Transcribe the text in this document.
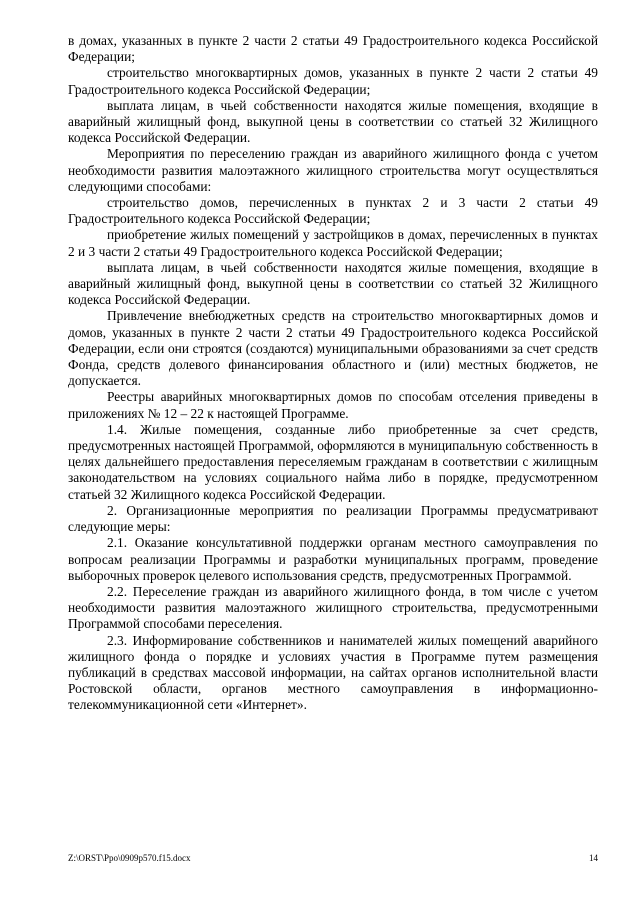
в домах, указанных в пункте 2 части 2 статьи 49 Градостроительного кодекса Российской Федерации;

строительство многоквартирных домов, указанных в пункте 2 части 2 статьи 49 Градостроительного кодекса Российской Федерации;

выплата лицам, в чьей собственности находятся жилые помещения, входящие в аварийный жилищный фонд, выкупной цены в соответствии со статьей 32 Жилищного кодекса Российской Федерации.

Мероприятия по переселению граждан из аварийного жилищного фонда с учетом необходимости развития малоэтажного жилищного строительства могут осуществляться следующими способами:

строительство домов, перечисленных в пунктах 2 и 3 части 2 статьи 49 Градостроительного кодекса Российской Федерации;

приобретение жилых помещений у застройщиков в домах, перечисленных в пунктах 2 и 3 части 2 статьи 49 Градостроительного кодекса Российской Федерации;

выплата лицам, в чьей собственности находятся жилые помещения, входящие в аварийный жилищный фонд, выкупной цены в соответствии со статьей 32 Жилищного кодекса Российской Федерации.

Привлечение внебюджетных средств на строительство многоквартирных домов и домов, указанных в пункте 2 части 2 статьи 49 Градостроительного кодекса Российской Федерации, если они строятся (создаются) муниципальными образованиями за счет средств Фонда, средств долевого финансирования областного и (или) местных бюджетов, не допускается.

Реестры аварийных многоквартирных домов по способам отселения приведены в приложениях № 12 – 22 к настоящей Программе.

1.4. Жилые помещения, созданные либо приобретенные за счет средств, предусмотренных настоящей Программой, оформляются в муниципальную собственность в целях дальнейшего предоставления переселяемым гражданам в соответствии с жилищным законодательством на условиях социального найма либо в порядке, предусмотренном статьей 32 Жилищного кодекса Российской Федерации.

2. Организационные мероприятия по реализации Программы предусматривают следующие меры:

2.1. Оказание консультативной поддержки органам местного самоуправления по вопросам реализации Программы и разработки муниципальных программ, проведение выборочных проверок целевого использования средств, предусмотренных Программой.

2.2. Переселение граждан из аварийного жилищного фонда, в том числе с учетом необходимости развития малоэтажного жилищного строительства, предусмотренными Программой способами переселения.

2.3. Информирование собственников и нанимателей жилых помещений аварийного жилищного фонда о порядке и условиях участия в Программе путем размещения публикаций в средствах массовой информации, на сайтах органов исполнительной власти Ростовской области, органов местного самоуправления в информационно-телекоммуникационной сети «Интернет».

Z:\ORST\Ppo\0909p570.f15.docx	14
